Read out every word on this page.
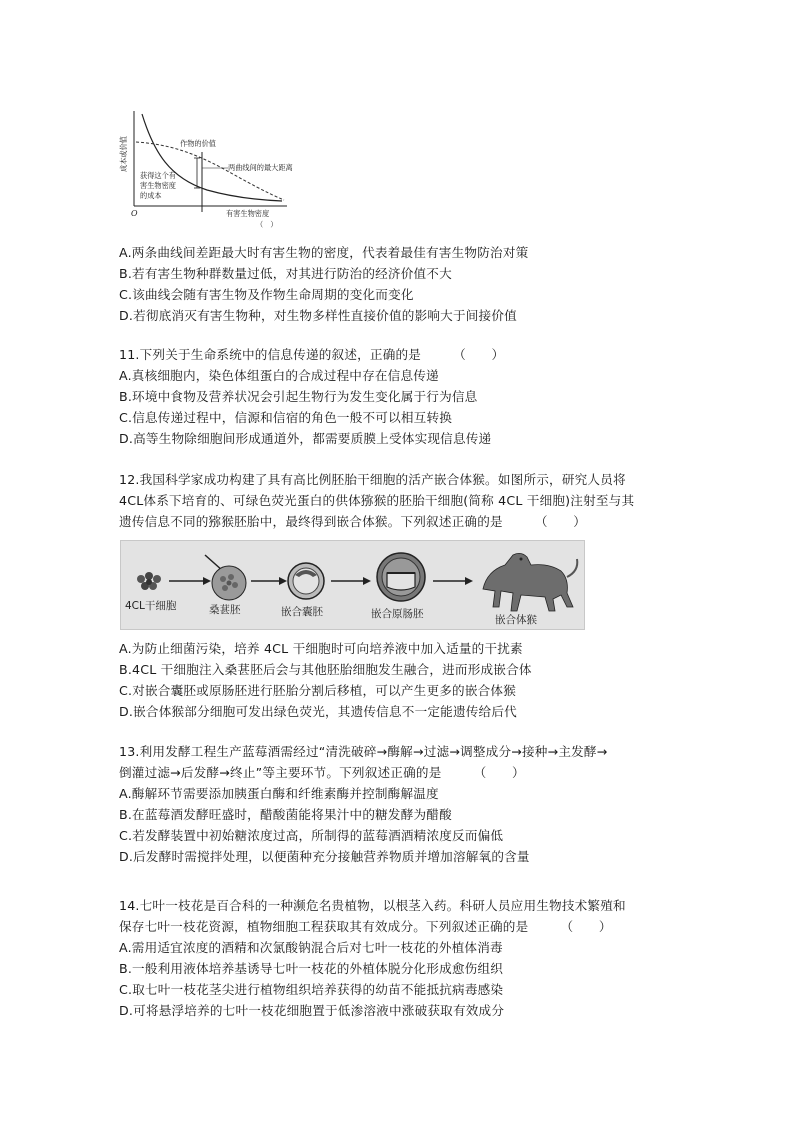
成本或价值	作物的价值
两曲线间的最大距离
获得这个有
害生物密度
的成本
O	有害生物密度
（　）
A.两条曲线间差距最大时有害生物的密度，代表着最佳有害生物防治对策
B.若有害生物种群数量过低，对其进行防治的经济价值不大
C.该曲线会随有害生物及作物生命周期的变化而变化
D.若彻底消灭有害生物种，对生物多样性直接价值的影响大于间接价值
11.下列关于生命系统中的信息传递的叙述，正确的是　　　（　　）
A.真核细胞内，染色体组蛋白的合成过程中存在信息传递
B.环境中食物及营养状况会引起生物行为发生变化属于行为信息
C.信息传递过程中，信源和信宿的角色一般不可以相互转换
D.高等生物除细胞间形成通道外，都需要质膜上受体实现信息传递
12.我国科学家成功构建了具有高比例胚胎干细胞的活产嵌合体猴。如图所示，研究人员将
4CL体系下培育的、可绿色荧光蛋白的供体猕猴的胚胎干细胞(简称 4CL 干细胞)注射至与其
遗传信息不同的猕猴胚胎中，最终得到嵌合体猴。下列叙述正确的是　　　（　　）
4CL干细胞	桑葚胚	嵌合囊胚	嵌合原肠胚	嵌合体猴
A.为防止细菌污染，培养 4CL 干细胞时可向培养液中加入适量的干扰素
B.4CL 干细胞注入桑葚胚后会与其他胚胎细胞发生融合，进而形成嵌合体
C.对嵌合囊胚或原肠胚进行胚胎分割后移植，可以产生更多的嵌合体猴
D.嵌合体猴部分细胞可发出绿色荧光，其遗传信息不一定能遗传给后代
13.利用发酵工程生产蓝莓酒需经过“清洗破碎→酶解→过滤→调整成分→接种→主发酵→
倒灌过滤→后发酵→终止”等主要环节。下列叙述正确的是　　　（　　）
A.酶解环节需要添加胰蛋白酶和纤维素酶并控制酶解温度
B.在蓝莓酒发酵旺盛时，醋酸菌能将果汁中的糖发酵为醋酸
C.若发酵装置中初始糖浓度过高，所制得的蓝莓酒酒精浓度反而偏低
D.后发酵时需搅拌处理，以便菌种充分接触营养物质并增加溶解氧的含量
14.七叶一枝花是百合科的一种濒危名贵植物，以根茎入药。科研人员应用生物技术繁殖和
保存七叶一枝花资源，植物细胞工程获取其有效成分。下列叙述正确的是　　　（　　）
A.需用适宜浓度的酒精和次氯酸钠混合后对七叶一枝花的外植体消毒
B.一般利用液体培养基诱导七叶一枝花的外植体脱分化形成愈伤组织
C.取七叶一枝花茎尖进行植物组织培养获得的幼苗不能抵抗病毒感染
D.可将悬浮培养的七叶一枝花细胞置于低渗溶液中涨破获取有效成分
